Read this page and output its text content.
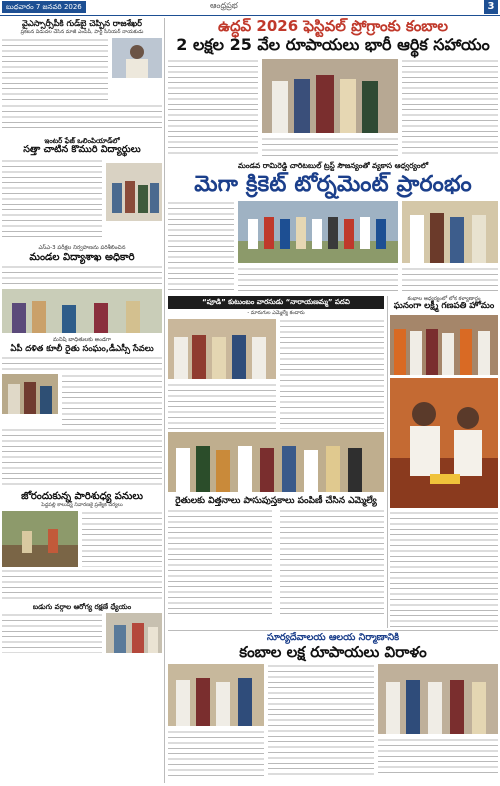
బుధవారం 7 జనవరి 2026	ఆంధ్రప్రభ	3
వైఎస్సార్సీపీకి గుడ్‌బై చెప్పిన రాజశేఖర్
ప్రకటన విడుదల చేసిన మాజీ ఎంపీపీ, పార్టీ సీనియర్ నాయకుడు
ఇంటర్ ఫేజ్ ఒలింపియాడ్‌లో
సత్తా చాటిన కొమురి విద్యార్థులు
ఎస్ఎ-3 పరీక్షల నిర్వహణను పరిశీలించిన
మండల విద్యాశాఖ అధికారి
మనిషి బాధితులకు అండగా
ఏపీ దళిత కూలీ రైతు సంఘం,డీఎస్సీ సేవలు
జోరందుకున్న పారిశుధ్య పనులు
పెద్దపల్లి కాలుష్య నివారణకై ప్రత్యేక చర్యలు
బడుగు వర్గాల ఆరోగ్య రక్షణే ధ్యేయం
ఉద్ధవ్ 2026 ఫెస్టివల్ ప్రోగ్రాంకు కంబాల
2 లక్షల 25 వేల రూపాయలు భారీ ఆర్థిక సహాయం
మండవ రామిరెడ్డి చారిటబుల్ ట్రస్ట్ సౌజన్యంతో వ్యకాస ఆధ్వర్యంలో
మెగా క్రికెట్ టోర్నమెంట్ ప్రారంభం
“పూడి” కుటుంబం వారసుడు “నారాయణమ్మ” పదవి
- మారుగుల ఎమ్మెల్యే కందారు
రైతులకు విత్తనాలు పాసుపుస్తకాలు పంపిణీ చేసిన ఎమ్మెల్యే
కంభాల ఆధ్వర్యంలో లోక కళ్యాణార్థం
ఘనంగా లక్ష్మీ గణపతి హోమం
సూర్యదేవాలయ ఆలయ నిర్మాణానికి
కంబాల లక్ష రూపాయలు విరాళం
